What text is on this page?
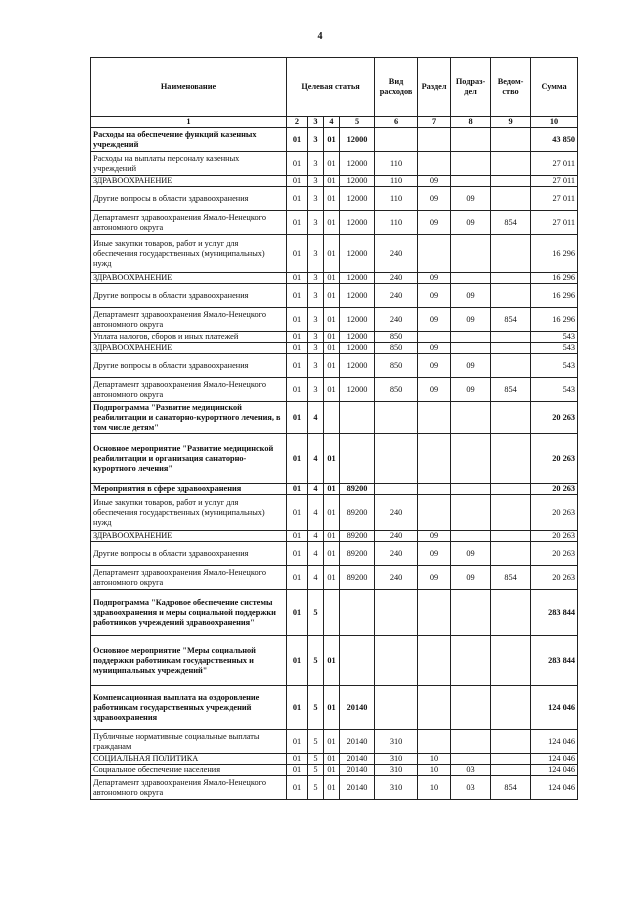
4
Наименование	Целевая статья				Вид расходов	Раздел	Подраз-дел	Ведом-ство	Сумма
1	2	3	4	5	6	7	8	9	10
Расходы на обеспечение функций казенных учреждений	01	3	01	12000					43 850
Расходы на выплаты персоналу казенных учреждений	01	3	01	12000	110				27 011
ЗДРАВООХРАНЕНИЕ	01	3	01	12000	110	09			27 011
Другие вопросы в области здравоохранения	01	3	01	12000	110	09	09		27 011
Департамент здравоохранения Ямало-Ненецкого автономного округа	01	3	01	12000	110	09	09	854	27 011
Иные закупки товаров, работ и услуг для обеспечения государственных (муниципальных) нужд	01	3	01	12000	240				16 296
ЗДРАВООХРАНЕНИЕ	01	3	01	12000	240	09			16 296
Другие вопросы в области здравоохранения	01	3	01	12000	240	09	09		16 296
Департамент здравоохранения Ямало-Ненецкого автономного округа	01	3	01	12000	240	09	09	854	16 296
Уплата налогов, сборов и иных платежей	01	3	01	12000	850				543
ЗДРАВООХРАНЕНИЕ	01	3	01	12000	850	09			543
Другие вопросы в области здравоохранения	01	3	01	12000	850	09	09		543
Департамент здравоохранения Ямало-Ненецкого автономного округа	01	3	01	12000	850	09	09	854	543
Подпрограмма "Развитие медицинской реабилитации и санаторно-курортного лечения, в том числе детям"	01	4							20 263
Основное мероприятие "Развитие медицинской реабилитации и организация санаторно-курортного лечения"	01	4	01						20 263
Мероприятия в сфере здравоохранения	01	4	01	89200					20 263
Иные закупки товаров, работ и услуг для обеспечения государственных (муниципальных) нужд	01	4	01	89200	240				20 263
ЗДРАВООХРАНЕНИЕ	01	4	01	89200	240	09			20 263
Другие вопросы в области здравоохранения	01	4	01	89200	240	09	09		20 263
Департамент здравоохранения Ямало-Ненецкого автономного округа	01	4	01	89200	240	09	09	854	20 263
Подпрограмма "Кадровое обеспечение системы здравоохранения и меры социальной поддержки работников учреждений здравоохранения"	01	5							283 844
Основное мероприятие "Меры социальной поддержки работникам государственных и муниципальных учреждений"	01	5	01						283 844
Компенсационная выплата на оздоровление работникам государственных учреждений здравоохранения	01	5	01	20140					124 046
Публичные нормативные социальные выплаты гражданам	01	5	01	20140	310				124 046
СОЦИАЛЬНАЯ ПОЛИТИКА	01	5	01	20140	310	10			124 046
Социальное обеспечение населения	01	5	01	20140	310	10	03		124 046
Департамент здравоохранения Ямало-Ненецкого автономного округа	01	5	01	20140	310	10	03	854	124 046
